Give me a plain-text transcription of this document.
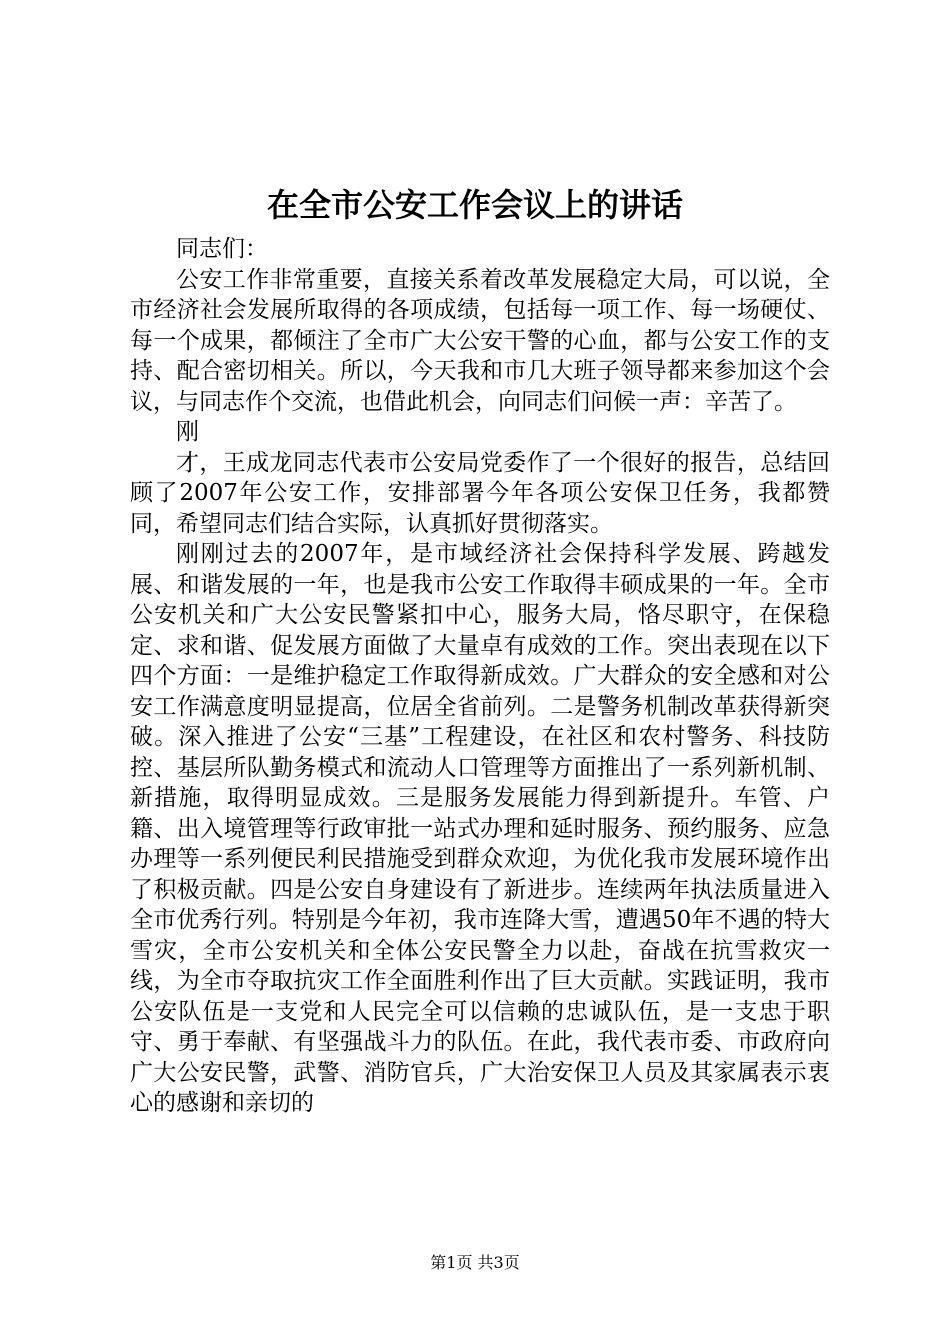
在全市公安工作会议上的讲话

同志们：

公安工作非常重要，直接关系着改革发展稳定大局，可以说，全市经济社会发展所取得的各项成绩，包括每一项工作、每一场硬仗、每一个成果，都倾注了全市广大公安干警的心血，都与公安工作的支持、配合密切相关。所以，今天我和市几大班子领导都来参加这个会议，与同志作个交流，也借此机会，向同志们问候一声：辛苦了。

刚

才，王成龙同志代表市公安局党委作了一个很好的报告，总结回顾了2007年公安工作，安排部署今年各项公安保卫任务，我都赞同，希望同志们结合实际，认真抓好贯彻落实。

刚刚过去的2007年，是市域经济社会保持科学发展、跨越发展、和谐发展的一年，也是我市公安工作取得丰硕成果的一年。全市公安机关和广大公安民警紧扣中心，服务大局，恪尽职守，在保稳定、求和谐、促发展方面做了大量卓有成效的工作。突出表现在以下四个方面：一是维护稳定工作取得新成效。广大群众的安全感和对公安工作满意度明显提高，位居全省前列。二是警务机制改革获得新突破。深入推进了公安“三基”工程建设，在社区和农村警务、科技防控、基层所队勤务模式和流动人口管理等方面推出了一系列新机制、新措施，取得明显成效。三是服务发展能力得到新提升。车管、户籍、出入境管理等行政审批一站式办理和延时服务、预约服务、应急办理等一系列便民利民措施受到群众欢迎，为优化我市发展环境作出了积极贡献。四是公安自身建设有了新进步。连续两年执法质量进入全市优秀行列。特别是今年初，我市连降大雪，遭遇50年不遇的特大雪灾，全市公安机关和全体公安民警全力以赴，奋战在抗雪救灾一线，为全市夺取抗灾工作全面胜利作出了巨大贡献。实践证明，我市公安队伍是一支党和人民完全可以信赖的忠诚队伍，是一支忠于职守、勇于奉献、有坚强战斗力的队伍。在此，我代表市委、市政府向广大公安民警，武警、消防官兵，广大治安保卫人员及其家属表示衷心的感谢和亲切的

第1页 共3页
